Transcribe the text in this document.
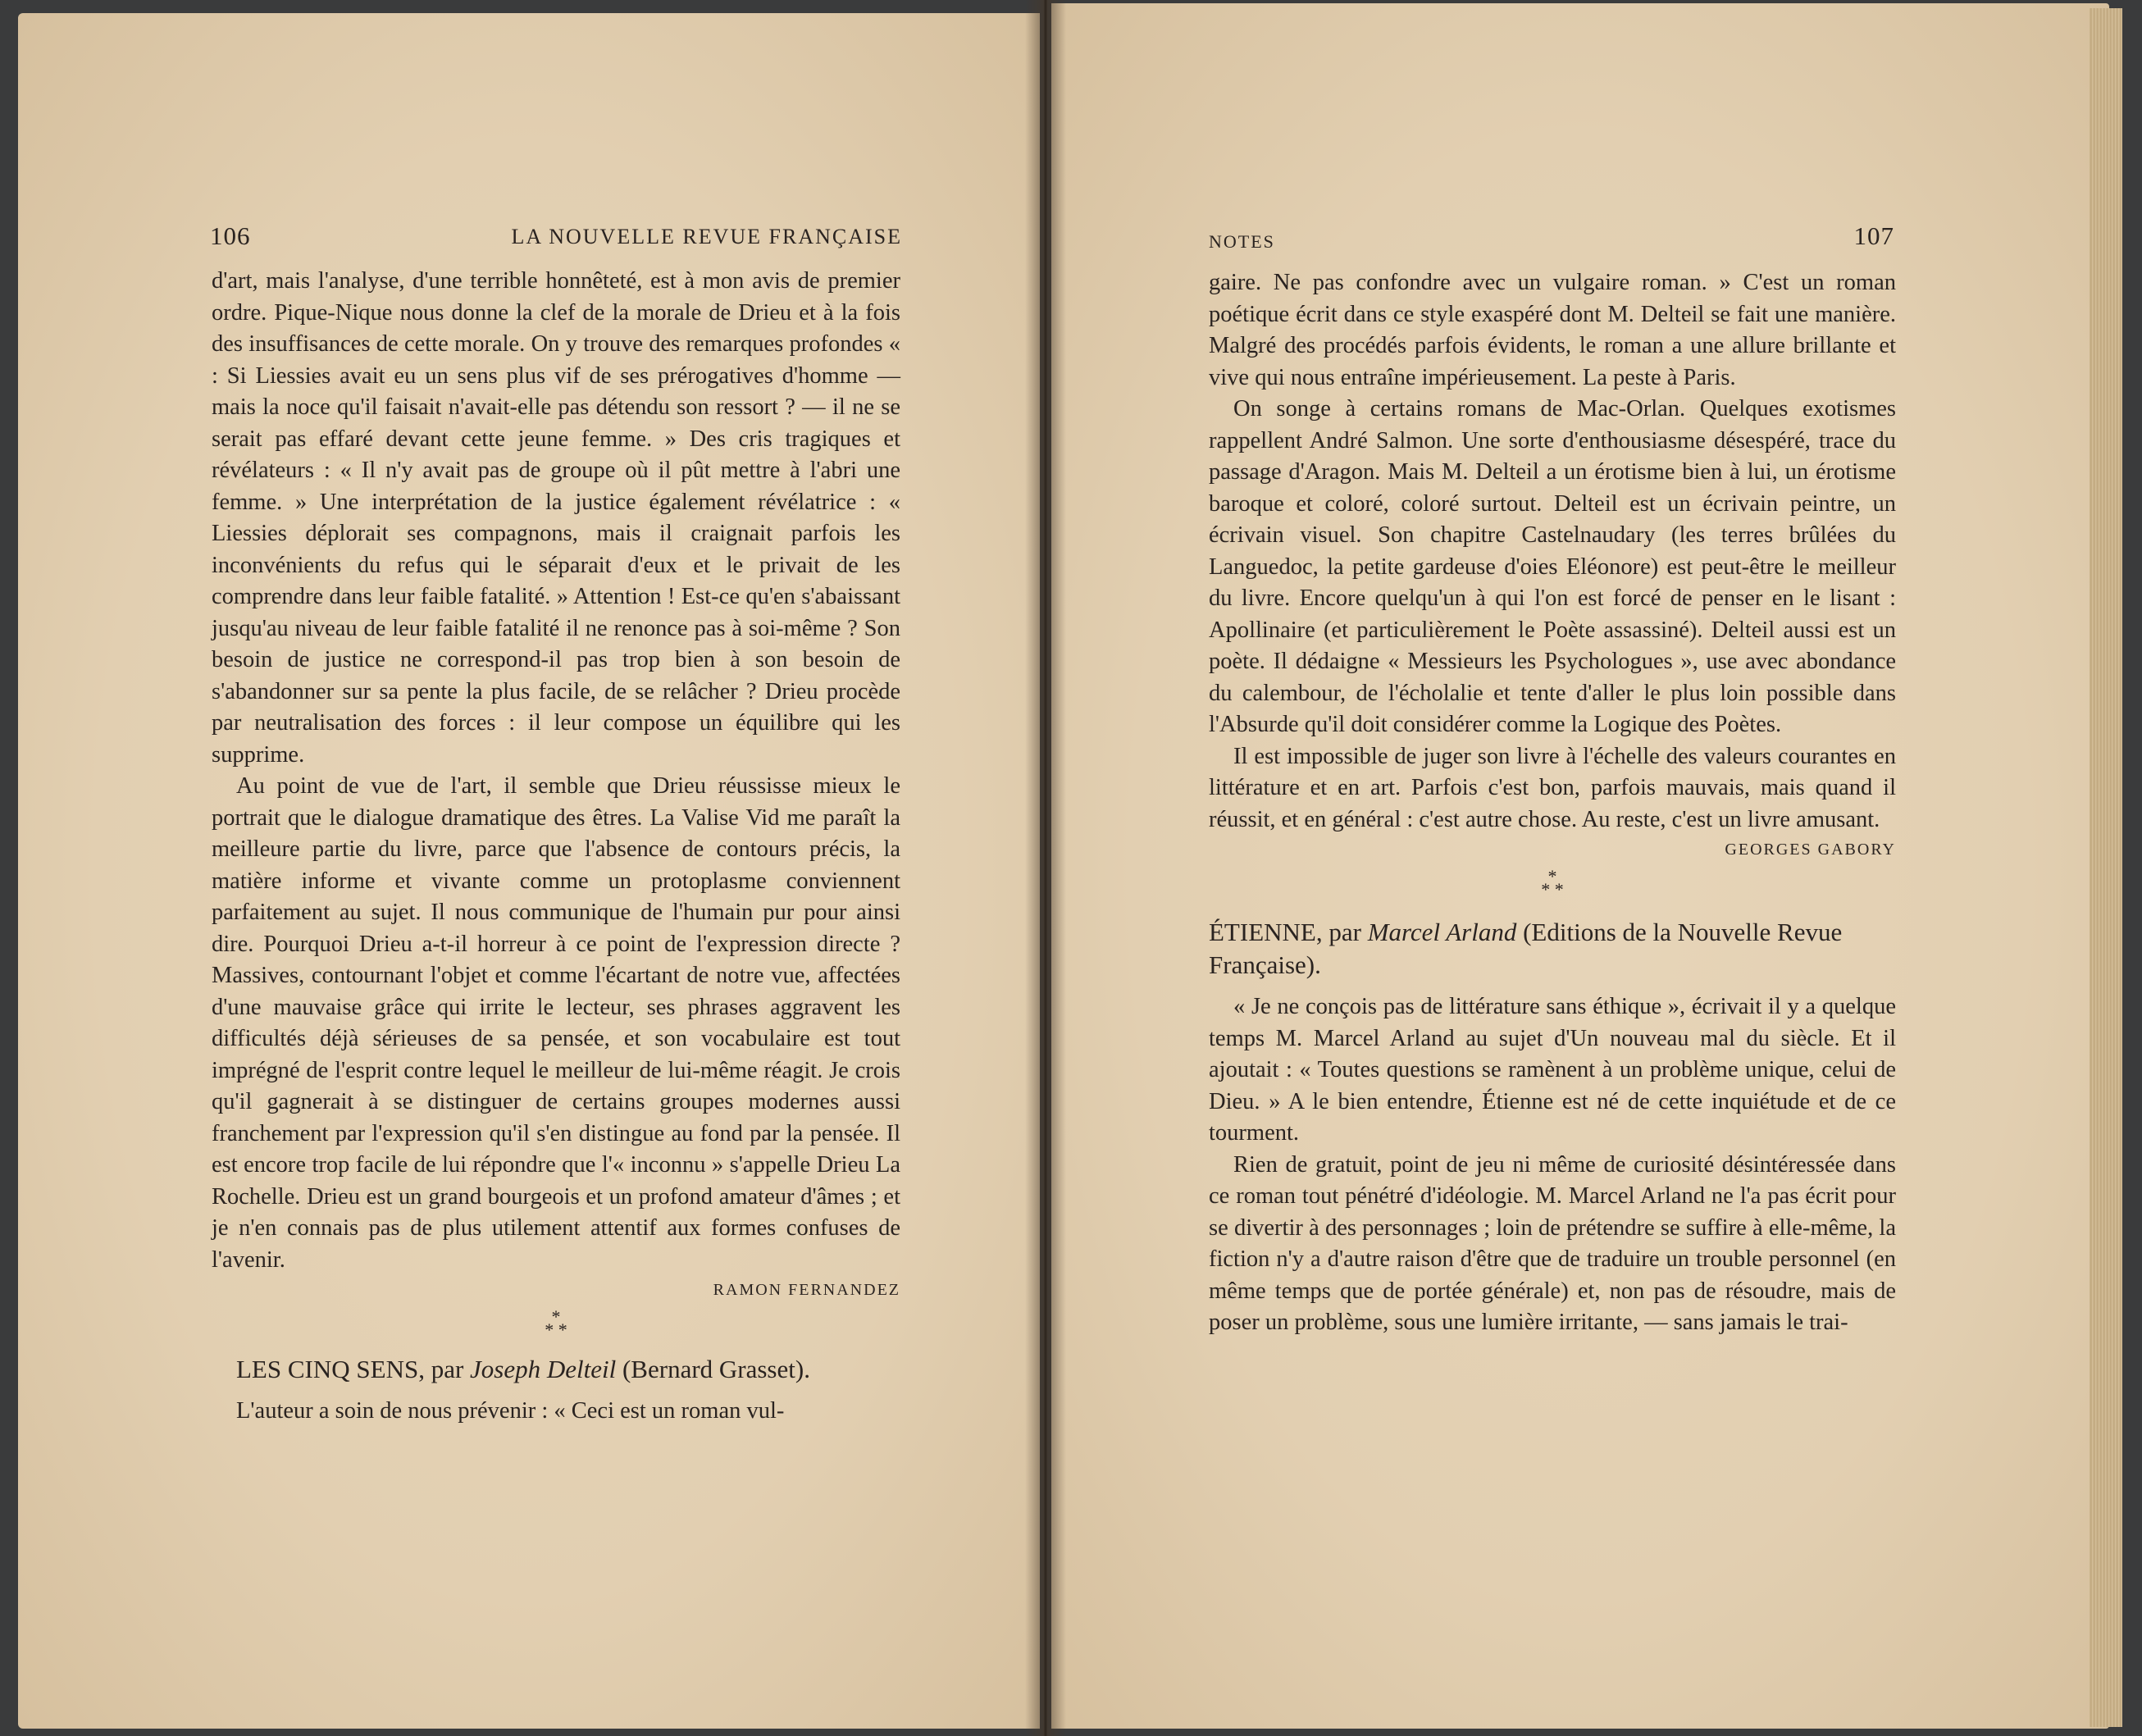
106	LA NOUVELLE REVUE FRANÇAISE

d'art, mais l'analyse, d'une terrible honnêteté, est à mon avis de premier ordre. Pique-Nique nous donne la clef de la morale de Drieu et à la fois des insuffisances de cette morale. On y trouve des remarques profondes « : Si Liessies avait eu un sens plus vif de ses prérogatives d'homme — mais la noce qu'il faisait n'avait-elle pas détendu son ressort ? — il ne se serait pas effaré devant cette jeune femme. » Des cris tragiques et révélateurs : « Il n'y avait pas de groupe où il pût mettre à l'abri une femme. » Une interprétation de la justice également révélatrice : « Liessies déplorait ses compagnons, mais il craignait parfois les inconvénients du refus qui le séparait d'eux et le privait de les comprendre dans leur faible fatalité. » Attention ! Est-ce qu'en s'abaissant jusqu'au niveau de leur faible fatalité il ne renonce pas à soi-même ? Son besoin de justice ne correspond-il pas trop bien à son besoin de s'abandonner sur sa pente la plus facile, de se relâcher ? Drieu procède par neutralisation des forces : il leur compose un équilibre qui les supprime.

Au point de vue de l'art, il semble que Drieu réussisse mieux le portrait que le dialogue dramatique des êtres. La Valise Vid me paraît la meilleure partie du livre, parce que l'absence de contours précis, la matière informe et vivante comme un protoplasme conviennent parfaitement au sujet. Il nous communique de l'humain pur pour ainsi dire. Pourquoi Drieu a-t-il horreur à ce point de l'expression directe ? Massives, contournant l'objet et comme l'écartant de notre vue, affectées d'une mauvaise grâce qui irrite le lecteur, ses phrases aggravent les difficultés déjà sérieuses de sa pensée, et son vocabulaire est tout imprégné de l'esprit contre lequel le meilleur de lui-même réagit. Je crois qu'il gagnerait à se distinguer de certains groupes modernes aussi franchement par l'expression qu'il s'en distingue au fond par la pensée. Il est encore trop facile de lui répondre que l'« inconnu » s'appelle Drieu La Rochelle. Drieu est un grand bourgeois et un profond amateur d'âmes ; et je n'en connais pas de plus utilement attentif aux formes confuses de l'avenir.

RAMON FERNANDEZ
*
* *
LES CINQ SENS, par Joseph Delteil (Bernard Grasset).

L'auteur a soin de nous prévenir : « Ceci est un roman vul-

NOTES	107

gaire. Ne pas confondre avec un vulgaire roman. » C'est un roman poétique écrit dans ce style exaspéré dont M. Delteil se fait une manière. Malgré des procédés parfois évidents, le roman a une allure brillante et vive qui nous entraîne impérieusement. La peste à Paris.

On songe à certains romans de Mac-Orlan. Quelques exotismes rappellent André Salmon. Une sorte d'enthousiasme désespéré, trace du passage d'Aragon. Mais M. Delteil a un érotisme bien à lui, un érotisme baroque et coloré, coloré surtout. Delteil est un écrivain peintre, un écrivain visuel. Son chapitre Castelnaudary (les terres brûlées du Languedoc, la petite gardeuse d'oies Eléonore) est peut-être le meilleur du livre. Encore quelqu'un à qui l'on est forcé de penser en le lisant : Apollinaire (et particulièrement le Poète assassiné). Delteil aussi est un poète. Il dédaigne « Messieurs les Psychologues », use avec abondance du calembour, de l'écholalie et tente d'aller le plus loin possible dans l'Absurde qu'il doit considérer comme la Logique des Poètes.

Il est impossible de juger son livre à l'échelle des valeurs courantes en littérature et en art. Parfois c'est bon, parfois mauvais, mais quand il réussit, et en général : c'est autre chose. Au reste, c'est un livre amusant.

GEORGES GABORY
*
* *
ÉTIENNE, par Marcel Arland (Editions de la Nouvelle Revue Française).

« Je ne conçois pas de littérature sans éthique », écrivait il y a quelque temps M. Marcel Arland au sujet d'Un nouveau mal du siècle. Et il ajoutait : « Toutes questions se ramènent à un problème unique, celui de Dieu. » A le bien entendre, Étienne est né de cette inquiétude et de ce tourment.

Rien de gratuit, point de jeu ni même de curiosité désintéressée dans ce roman tout pénétré d'idéologie. M. Marcel Arland ne l'a pas écrit pour se divertir à des personnages ; loin de prétendre se suffire à elle-même, la fiction n'y a d'autre raison d'être que de traduire un trouble personnel (en même temps que de portée générale) et, non pas de résoudre, mais de poser un problème, sous une lumière irritante, — sans jamais le trai-
